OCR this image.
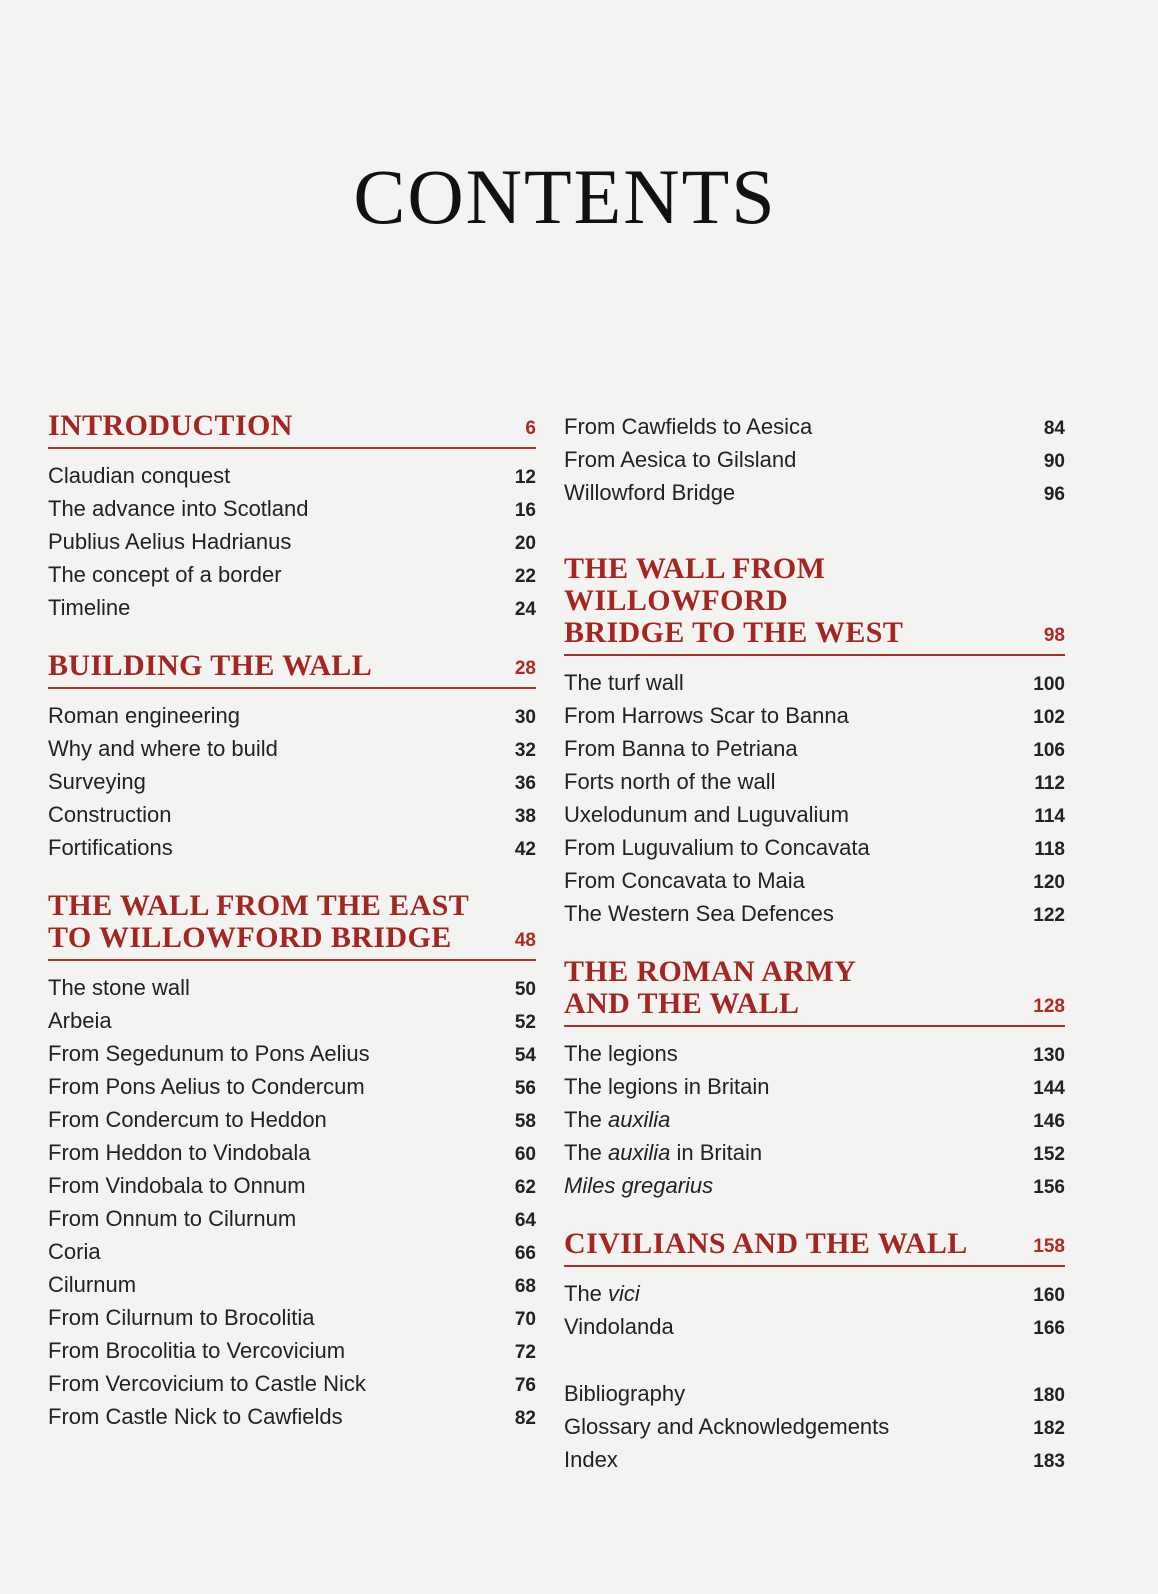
CONTENTS
INTRODUCTION	6
Claudian conquest	12
The advance into Scotland	16
Publius Aelius Hadrianus	20
The concept of a border	22
Timeline	24
BUILDING THE WALL	28
Roman engineering	30
Why and where to build	32
Surveying	36
Construction	38
Fortifications	42
THE WALL FROM THE EAST
TO WILLOWFORD BRIDGE	48
The stone wall	50
Arbeia	52
From Segedunum to Pons Aelius	54
From Pons Aelius to Condercum	56
From Condercum to Heddon	58
From Heddon to Vindobala	60
From Vindobala to Onnum	62
From Onnum to Cilurnum	64
Coria	66
Cilurnum	68
From Cilurnum to Brocolitia	70
From Brocolitia to Vercovicium	72
From Vercovicium to Castle Nick	76
From Castle Nick to Cawfields	82
From Cawfields to Aesica	84
From Aesica to Gilsland	90
Willowford Bridge	96
THE WALL FROM WILLOWFORD
BRIDGE TO THE WEST	98
The turf wall	100
From Harrows Scar to Banna	102
From Banna to Petriana	106
Forts north of the wall	112
Uxelodunum and Luguvalium	114
From Luguvalium to Concavata	118
From Concavata to Maia	120
The Western Sea Defences	122
THE ROMAN ARMY
AND THE WALL	128
The legions	130
The legions in Britain	144
The auxilia	146
The auxilia in Britain	152
Miles gregarius	156
CIVILIANS AND THE WALL	158
The vici	160
Vindolanda	166
Bibliography	180
Glossary and Acknowledgements	182
Index	183
